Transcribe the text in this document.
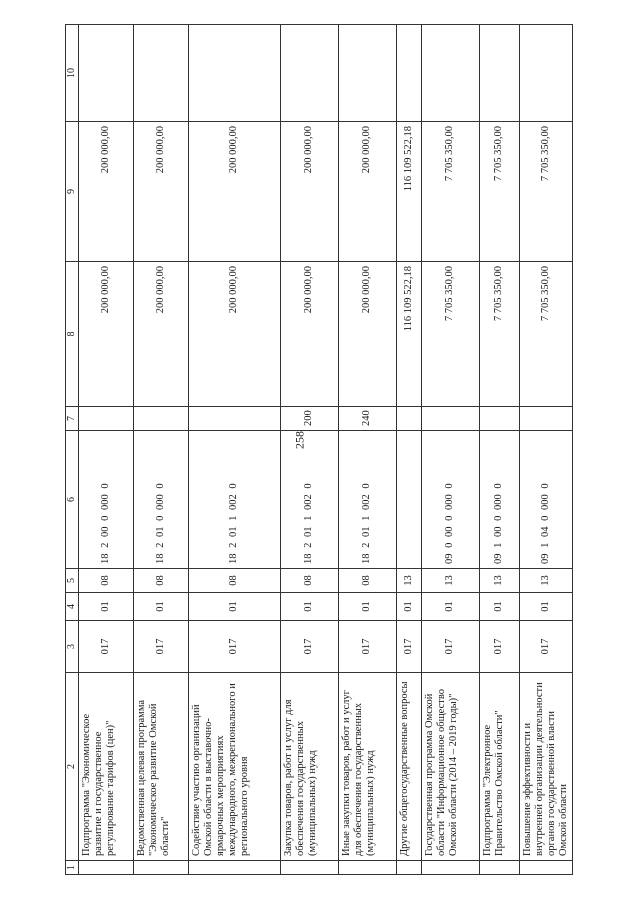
258
1	2	3	4	5	6	7	8	9	10
	Подпрограмма "Экономическое развитие и государственное регулирование тарифов (цен)"	017	01	08	18 2 00 0 000 0		200 000,00	200 000,00	
	Ведомственная целевая программа "Экономическое развитие Омской области"	017	01	08	18 2 01 0 000 0		200 000,00	200 000,00	
	Содействие участию организаций Омской области в выставочно-ярмарочных мероприятиях международного, межрегионального и регионального уровня	017	01	08	18 2 01 1 002 0		200 000,00	200 000,00	
	Закупка товаров, работ и услуг для обеспечения государственных (муниципальных) нужд	017	01	08	18 2 01 1 002 0	200	200 000,00	200 000,00	
	Иные закупки товаров, работ и услуг для обеспечения государственных (муниципальных) нужд	017	01	08	18 2 01 1 002 0	240	200 000,00	200 000,00	
	Другие общегосударственные вопросы	017	01	13			116 109 522,18	116 109 522,18	
	Государственная программа Омской области "Информационное общество Омской области (2014 – 2019 годы)"	017	01	13	09 0 00 0 000 0		7 705 350,00	7 705 350,00	
	Подпрограмма "Электронное Правительство Омской области"	017	01	13	09 1 00 0 000 0		7 705 350,00	7 705 350,00	
	Повышение эффективности и внутренней организации деятельности органов государственной власти Омской области	017	01	13	09 1 04 0 000 0		7 705 350,00	7 705 350,00	
